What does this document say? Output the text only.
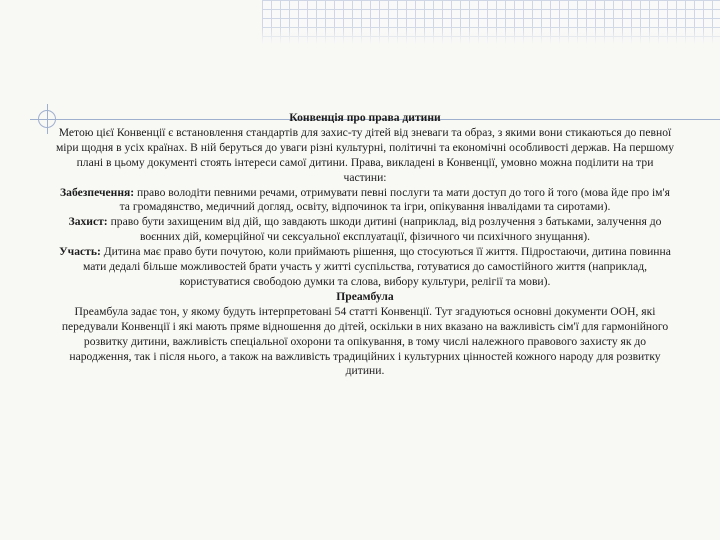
Конвенція про права дитини

Метою цієї Конвенції є встановлення стандартів для захис-ту дітей від зневаги та образ, з якими вони стикаються до певної міри щодня в усіх країнах. В ній беруться до уваги різні культурні, політичні та економічні особливості держав. На першому плані в цьому документі стоять інтереси самої дитини. Права, викладені в Конвенції, умовно можна поділити на три частини:

Забезпечення: право володіти певними речами, отримувати певні послуги та мати доступ до того й того (мова йде про ім'я та громадянство, медичний догляд, освіту, відпочинок та ігри, опікування інвалідами та сиротами).

Захист: право бути захищеним від дій, що завдають шкоди дитині (наприклад, від розлучення з батьками, залучення до воєнних дій, комерційної чи сексуальної експлуатації, фізичного чи психічного знущання).

Участь: Дитина має право бути почутою, коли приймають рішення, що стосуються її життя. Підростаючи, дитина повинна мати дедалі більше можливостей брати участь у житті суспільства, готуватися до самостійного життя (наприклад, користуватися свободою думки та слова, вибору культури, релігії та мови).

Преамбула

Преамбула задає тон, у якому будуть інтерпретовані 54 статті Конвенції. Тут згадуються основні документи ООН, які передували Конвенції і які мають пряме відношення до дітей, оскільки в них вказано на важливість сім'ї для гармонійного розвитку дитини, важливість спеціальної охорони та опікування, в тому числі належного правового захисту як до народження, так і після нього, а також на важливість традиційних і культурних цінностей кожного народу для розвитку дитини.
